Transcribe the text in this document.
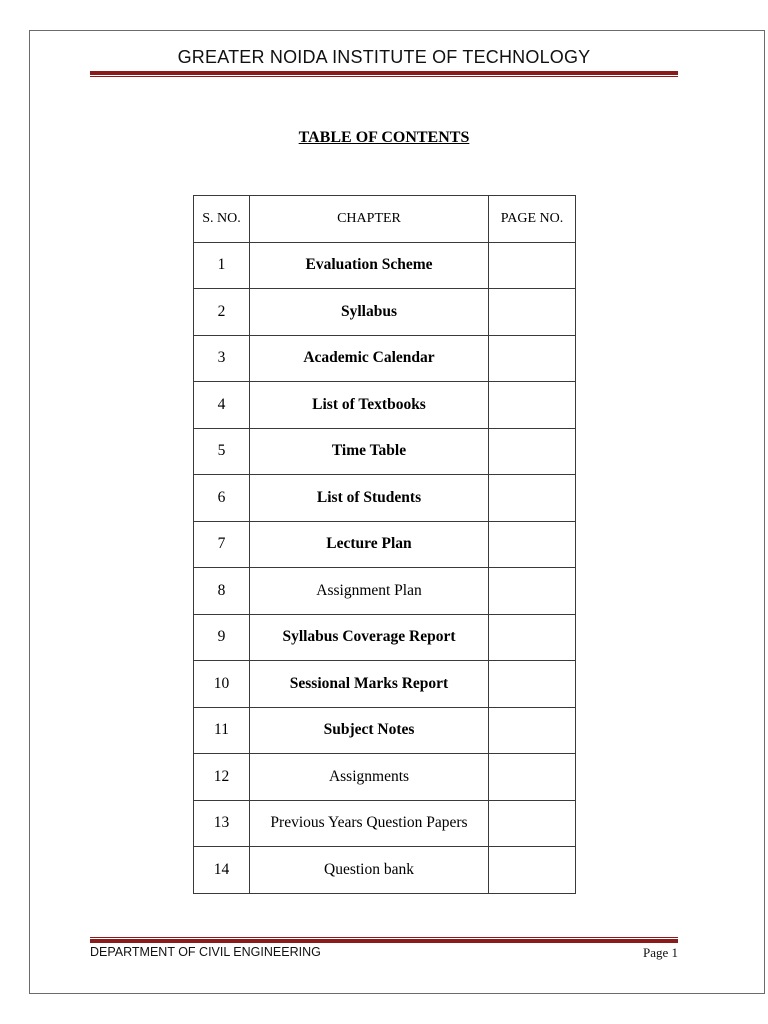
GREATER NOIDA INSTITUTE OF TECHNOLOGY
TABLE OF CONTENTS
S. NO.	CHAPTER	PAGE NO.
1	Evaluation Scheme	
2	Syllabus	
3	Academic Calendar	
4	List of Textbooks	
5	Time Table	
6	List of Students	
7	Lecture Plan	
8	Assignment Plan	
9	Syllabus Coverage Report	
10	Sessional Marks Report	
11	Subject Notes	
12	Assignments	
13	Previous Years Question Papers	
14	Question bank	
DEPARTMENT OF CIVIL ENGINEERING	Page 1
